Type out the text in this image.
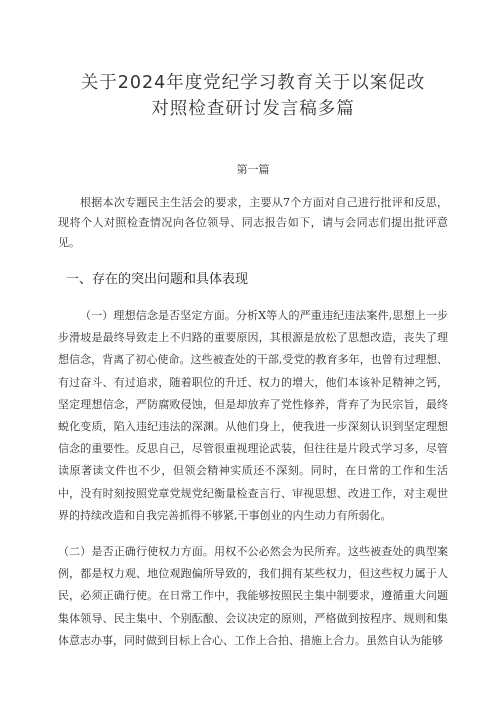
关于2024年度党纪学习教育关于以案促改对照检查研讨发言稿多篇
第一篇

根据本次专题民主生活会的要求，主要从7个方面对自己进行批评和反思，现将个人对照检查情况向各位领导、同志报告如下，请与会同志们提出批评意见。

一、存在的突出问题和具体表现

（一）理想信念是否坚定方面。分析X等人的严重违纪违法案件,思想上一步步滑坡是最终导致走上不归路的重要原因，其根源是放松了思想改造，丧失了理想信念，背离了初心使命。这些被查处的干部,受党的教育多年，也曾有过理想、有过奋斗、有过追求，随着职位的升迁、权力的增大，他们本该补足精神之钙，坚定理想信念，严防腐败侵蚀，但是却放弃了党性修养，背弃了为民宗旨，最终蜕化变质，陷入违纪违法的深渊。从他们身上，使我进一步深刻认识到坚定理想信念的重要性。反思自己，尽管很重视理论武装，但往往是片段式学习多，尽管读原著读文件也不少，但领会精神实质还不深刻。同时，在日常的工作和生活中，没有时刻按照党章党规党纪衡量检查言行、审视思想、改进工作，对主观世界的持续改造和自我完善抓得不够紧,干事创业的内生动力有所弱化。

（二）是否正确行使权力方面。用权不公必然会为民所弃。这些被查处的典型案例，都是权力观、地位观跑偏所导致的，我们拥有某些权力，但这些权力属于人民，必须正确行使。在日常工作中，我能够按照民主集中制要求，遵循重大问题集体领导、民主集中、个别酝酿、会议决定的原则，严格做到按程序、规则和集体意志办事，同时做到目标上合心、工作上合拍、措施上合力。虽然自认为能够
